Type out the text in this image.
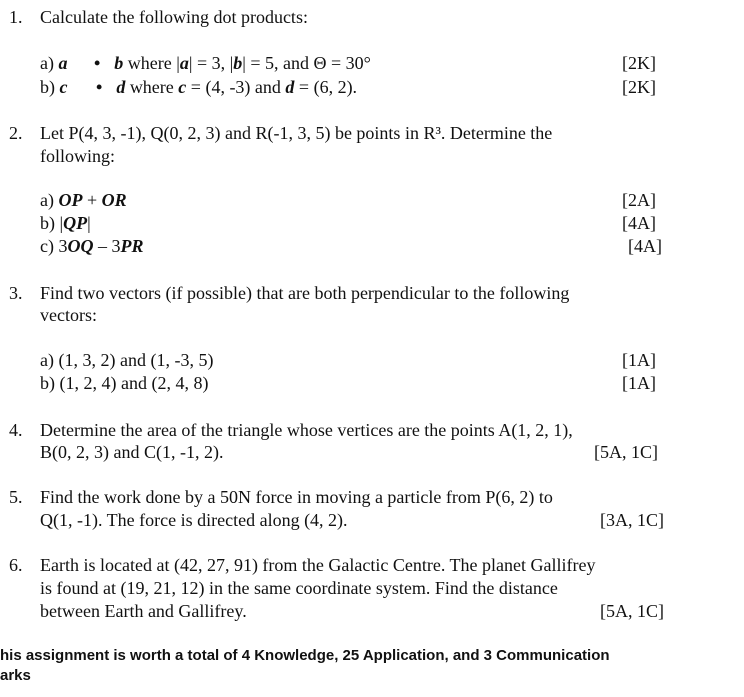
1. Calculate the following dot products:
a) a • b where |a| = 3, |b| = 5, and Θ = 30°	[2K]
b) c • d where c = (4, -3) and d = (6, 2).	[2K]
2. Let P(4, 3, -1), Q(0, 2, 3) and R(-1, 3, 5) be points in R³. Determine the
following:
a) OP + OR	[2A]
b) |QP|	[4A]
c) 3OQ – 3PR	[4A]
3. Find two vectors (if possible) that are both perpendicular to the following
vectors:
a) (1, 3, 2) and (1, -3, 5)	[1A]
b) (1, 2, 4) and (2, 4, 8)	[1A]
4. Determine the area of the triangle whose vertices are the points A(1, 2, 1),
B(0, 2, 3) and C(1, -1, 2).	[5A, 1C]
5. Find the work done by a 50N force in moving a particle from P(6, 2) to
Q(1, -1). The force is directed along (4, 2).	[3A, 1C]
6. Earth is located at (42, 27, 91) from the Galactic Centre. The planet Gallifrey
is found at (19, 21, 12) in the same coordinate system. Find the distance
between Earth and Gallifrey.	[5A, 1C]
his assignment is worth a total of 4 Knowledge, 25 Application, and 3 Communication
arks
